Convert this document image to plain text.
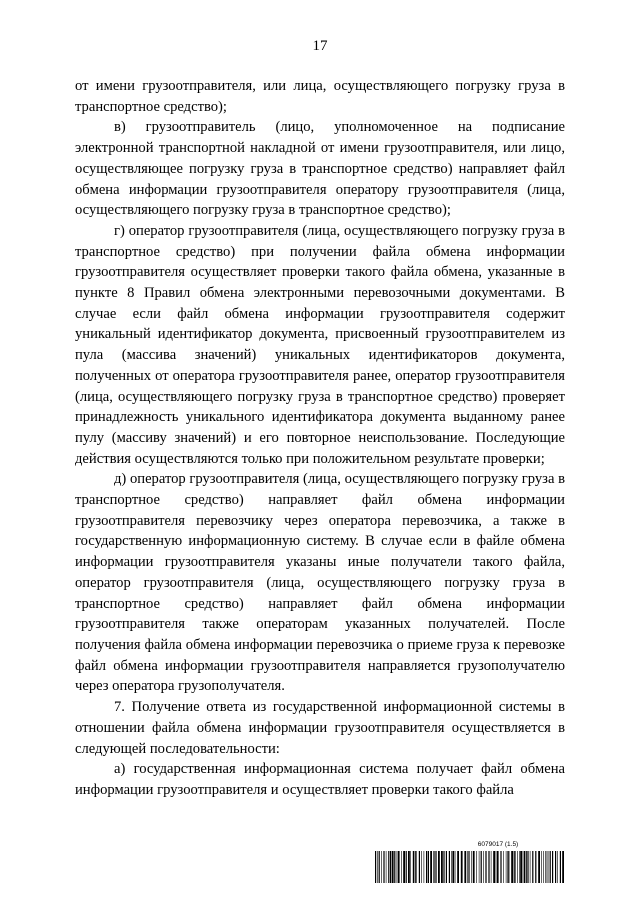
17

от имени грузоотправителя, или лица, осуществляющего погрузку груза в транспортное средство);

в) грузоотправитель (лицо, уполномоченное на подписание электронной транспортной накладной от имени грузоотправителя, или лицо, осуществляющее погрузку груза в транспортное средство) направляет файл обмена информации грузоотправителя оператору грузоотправителя (лица, осуществляющего погрузку груза в транспортное средство);

г) оператор грузоотправителя (лица, осуществляющего погрузку груза в транспортное средство) при получении файла обмена информации грузоотправителя осуществляет проверки такого файла обмена, указанные в пункте 8 Правил обмена электронными перевозочными документами. В случае если файл обмена информации грузоотправителя содержит уникальный идентификатор документа, присвоенный грузоотправителем из пула (массива значений) уникальных идентификаторов документа, полученных от оператора грузоотправителя ранее, оператор грузоотправителя (лица, осуществляющего погрузку груза в транспортное средство) проверяет принадлежность уникального идентификатора документа выданному ранее пулу (массиву значений) и его повторное неиспользование. Последующие действия осуществляются только при положительном результате проверки;

д) оператор грузоотправителя (лица, осуществляющего погрузку груза в транспортное средство) направляет файл обмена информации грузоотправителя перевозчику через оператора перевозчика, а также в государственную информационную систему. В случае если в файле обмена информации грузоотправителя указаны иные получатели такого файла, оператор грузоотправителя (лица, осуществляющего погрузку груза в транспортное средство) направляет файл обмена информации грузоотправителя также операторам указанных получателей. После получения файла обмена информации перевозчика о приеме груза к перевозке файл обмена информации грузоотправителя направляется грузополучателю через оператора грузополучателя.

7. Получение ответа из государственной информационной системы в отношении файла обмена информации грузоотправителя осуществляется в следующей последовательности:

а) государственная информационная система получает файл обмена информации грузоотправителя и осуществляет проверки такого файла

6079017 (1.5)
